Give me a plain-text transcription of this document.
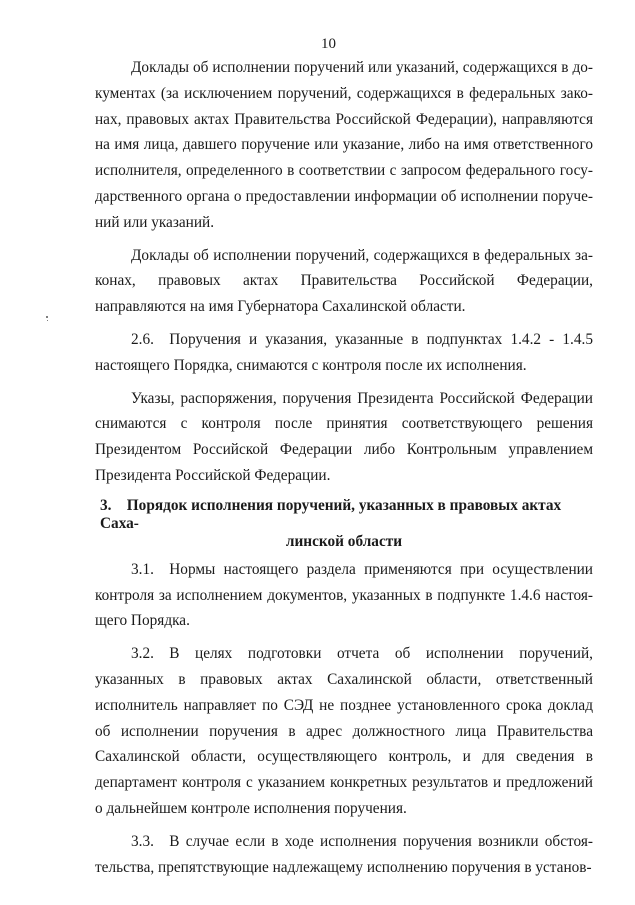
10

Доклады об исполнении поручений или указаний, содержащихся в документах (за исключением поручений, содержащихся в федеральных законах, правовых актах Правительства Российской Федерации), направляются на имя лица, давшего поручение или указание, либо на имя ответственного исполнителя, определенного в соответствии с запросом федерального государственного органа о предоставлении информации об исполнении поручений или указаний.

Доклады об исполнении поручений, содержащихся в федеральных законах, правовых актах Правительства Российской Федерации, направляются на имя Губернатора Сахалинской области.

2.6. Поручения и указания, указанные в подпунктах 1.4.2 - 1.4.5 настоящего Порядка, снимаются с контроля после их исполнения.

Указы, распоряжения, поручения Президента Российской Федерации снимаются с контроля после принятия соответствующего решения Президентом Российской Федерации либо Контрольным управлением Президента Российской Федерации.

3. Порядок исполнения поручений, указанных в правовых актах Саха-
линской области

3.1. Нормы настоящего раздела применяются при осуществлении контроля за исполнением документов, указанных в подпункте 1.4.6 настоящего Порядка.

3.2. В целях подготовки отчета об исполнении поручений, указанных в правовых актах Сахалинской области, ответственный исполнитель направляет по СЭД не позднее установленного срока доклад об исполнении поручения в адрес должностного лица Правительства Сахалинской области, осуществляющего контроль, и для сведения в департамент контроля с указанием конкретных результатов и предложений о дальнейшем контроле исполнения поручения.

3.3. В случае если в ходе исполнения поручения возникли обстоятельства, препятствующие надлежащему исполнению поручения в установ-
